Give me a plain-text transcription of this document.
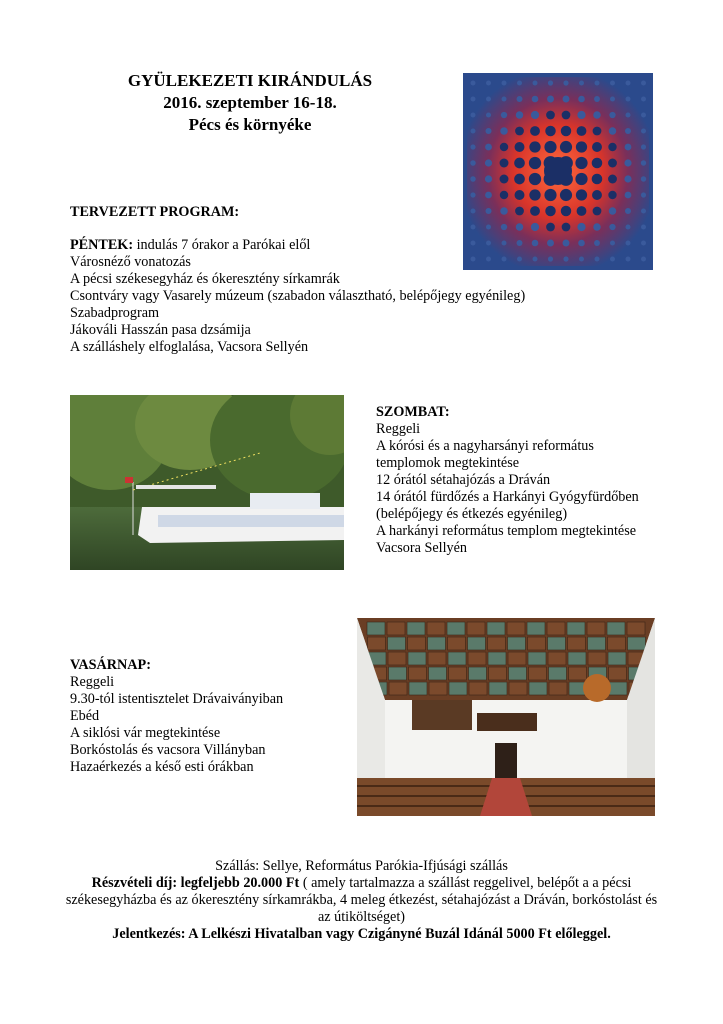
GYÜLEKEZETI KIRÁNDULÁS
2016. szeptember 16-18.
Pécs és környéke
TERVEZETT PROGRAM:
PÉNTEK: indulás 7 órakor a Parókai elől
Városnéző vonatozás
A pécsi székesegyház és ókeresztény sírkamrák
Csontváry vagy Vasarely múzeum (szabadon választható, belépőjegy egyénileg)
Szabadprogram
Jákováli Hasszán pasa dzsámija
A szálláshely elfoglalása, Vacsora Sellyén
SZOMBAT:
Reggeli
A kórósi és a nagyharsányi református
templomok megtekintése
12 órától sétahajózás a Dráván
14 órától fürdőzés a Harkányi Gyógyfürdőben
(belépőjegy és étkezés egyénileg)
A harkányi református templom megtekintése
Vacsora Sellyén
VASÁRNAP:
Reggeli
9.30-tól istentisztelet Drávaiványiban
Ebéd
A siklósi vár megtekintése
Borkóstolás és vacsora Villányban
Hazaérkezés a késő esti órákban
Szállás: Sellye, Református Parókia-Ifjúsági szállás
Részvételi díj: legfeljebb 20.000 Ft ( amely tartalmazza a szállást reggelivel, belépőt a a pécsi székesegyházba és az ókeresztény sírkamrákba, 4 meleg étkezést, sétahajózást a Dráván, borkóstolást és az útiköltséget)
Jelentkezés: A Lelkészi Hivatalban vagy Czigányné Buzál Idánál 5000 Ft előleggel.
